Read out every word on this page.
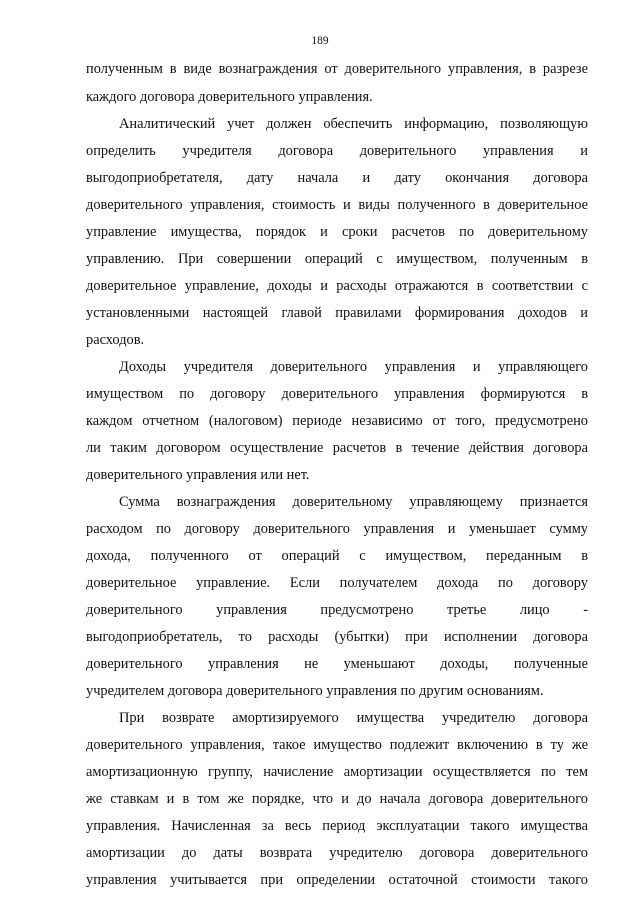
189
полученным в виде вознаграждения от доверительного управления, в разрезе
каждого договора доверительного управления.
Аналитический учет должен обеспечить информацию, позволяющую
определить учредителя договора доверительного управления и
выгодоприобретателя, дату начала и дату окончания договора
доверительного управления, стоимость и виды полученного в доверительное
управление имущества, порядок и сроки расчетов по доверительному
управлению. При совершении операций с имуществом, полученным в
доверительное управление, доходы и расходы отражаются в соответствии с
установленными настоящей главой правилами формирования доходов и
расходов.
Доходы учредителя доверительного управления и управляющего
имуществом по договору доверительного управления формируются в
каждом отчетном (налоговом) периоде независимо от того, предусмотрено
ли таким договором осуществление расчетов в течение действия договора
доверительного управления или нет.
Сумма вознаграждения доверительному управляющему признается
расходом по договору доверительного управления и уменьшает сумму
дохода, полученного от операций с имуществом, переданным в
доверительное управление. Если получателем дохода по договору
доверительного управления предусмотрено третье лицо -
выгодоприобретатель, то расходы (убытки) при исполнении договора
доверительного управления не уменьшают доходы, полученные
учредителем договора доверительного управления по другим основаниям.
При возврате амортизируемого имущества учредителю договора
доверительного управления, такое имущество подлежит включению в ту же
амортизационную группу, начисление амортизации осуществляется по тем
же ставкам и в том же порядке, что и до начала договора доверительного
управления. Начисленная за весь период эксплуатации такого имущества
амортизации до даты возврата учредителю договора доверительного
управления учитывается при определении остаточной стоимости такого
